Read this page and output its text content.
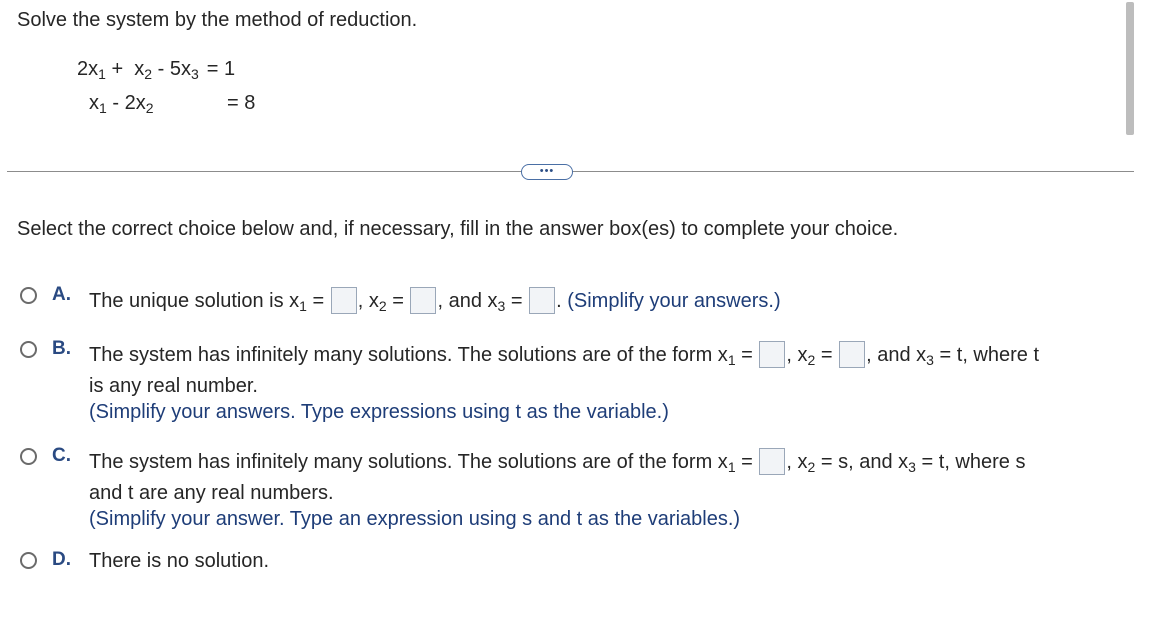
Solve the system by the method of reduction.
$2x_1 + x_2 - 5x_3 = 1$
$x_1 - 2x_2$	= 8
•••
Select the correct choice below and, if necessary, fill in the answer box(es) to complete your choice.
A. The unique solution is $x_1$ = , $x_2$ = , and $x_3$ = . (Simplify your answers.)
B. The system has infinitely many solutions. The solutions are of the form $x_1$ = , $x_2$ = , and $x_3 = t$, where t
is any real number.
(Simplify your answers. Type expressions using t as the variable.)
C. The system has infinitely many solutions. The solutions are of the form $x_1$ = , $x_2 = s$, and $x_3 = t$, where s
and t are any real numbers.
(Simplify your answer. Type an expression using s and t as the variables.)
D. There is no solution.
